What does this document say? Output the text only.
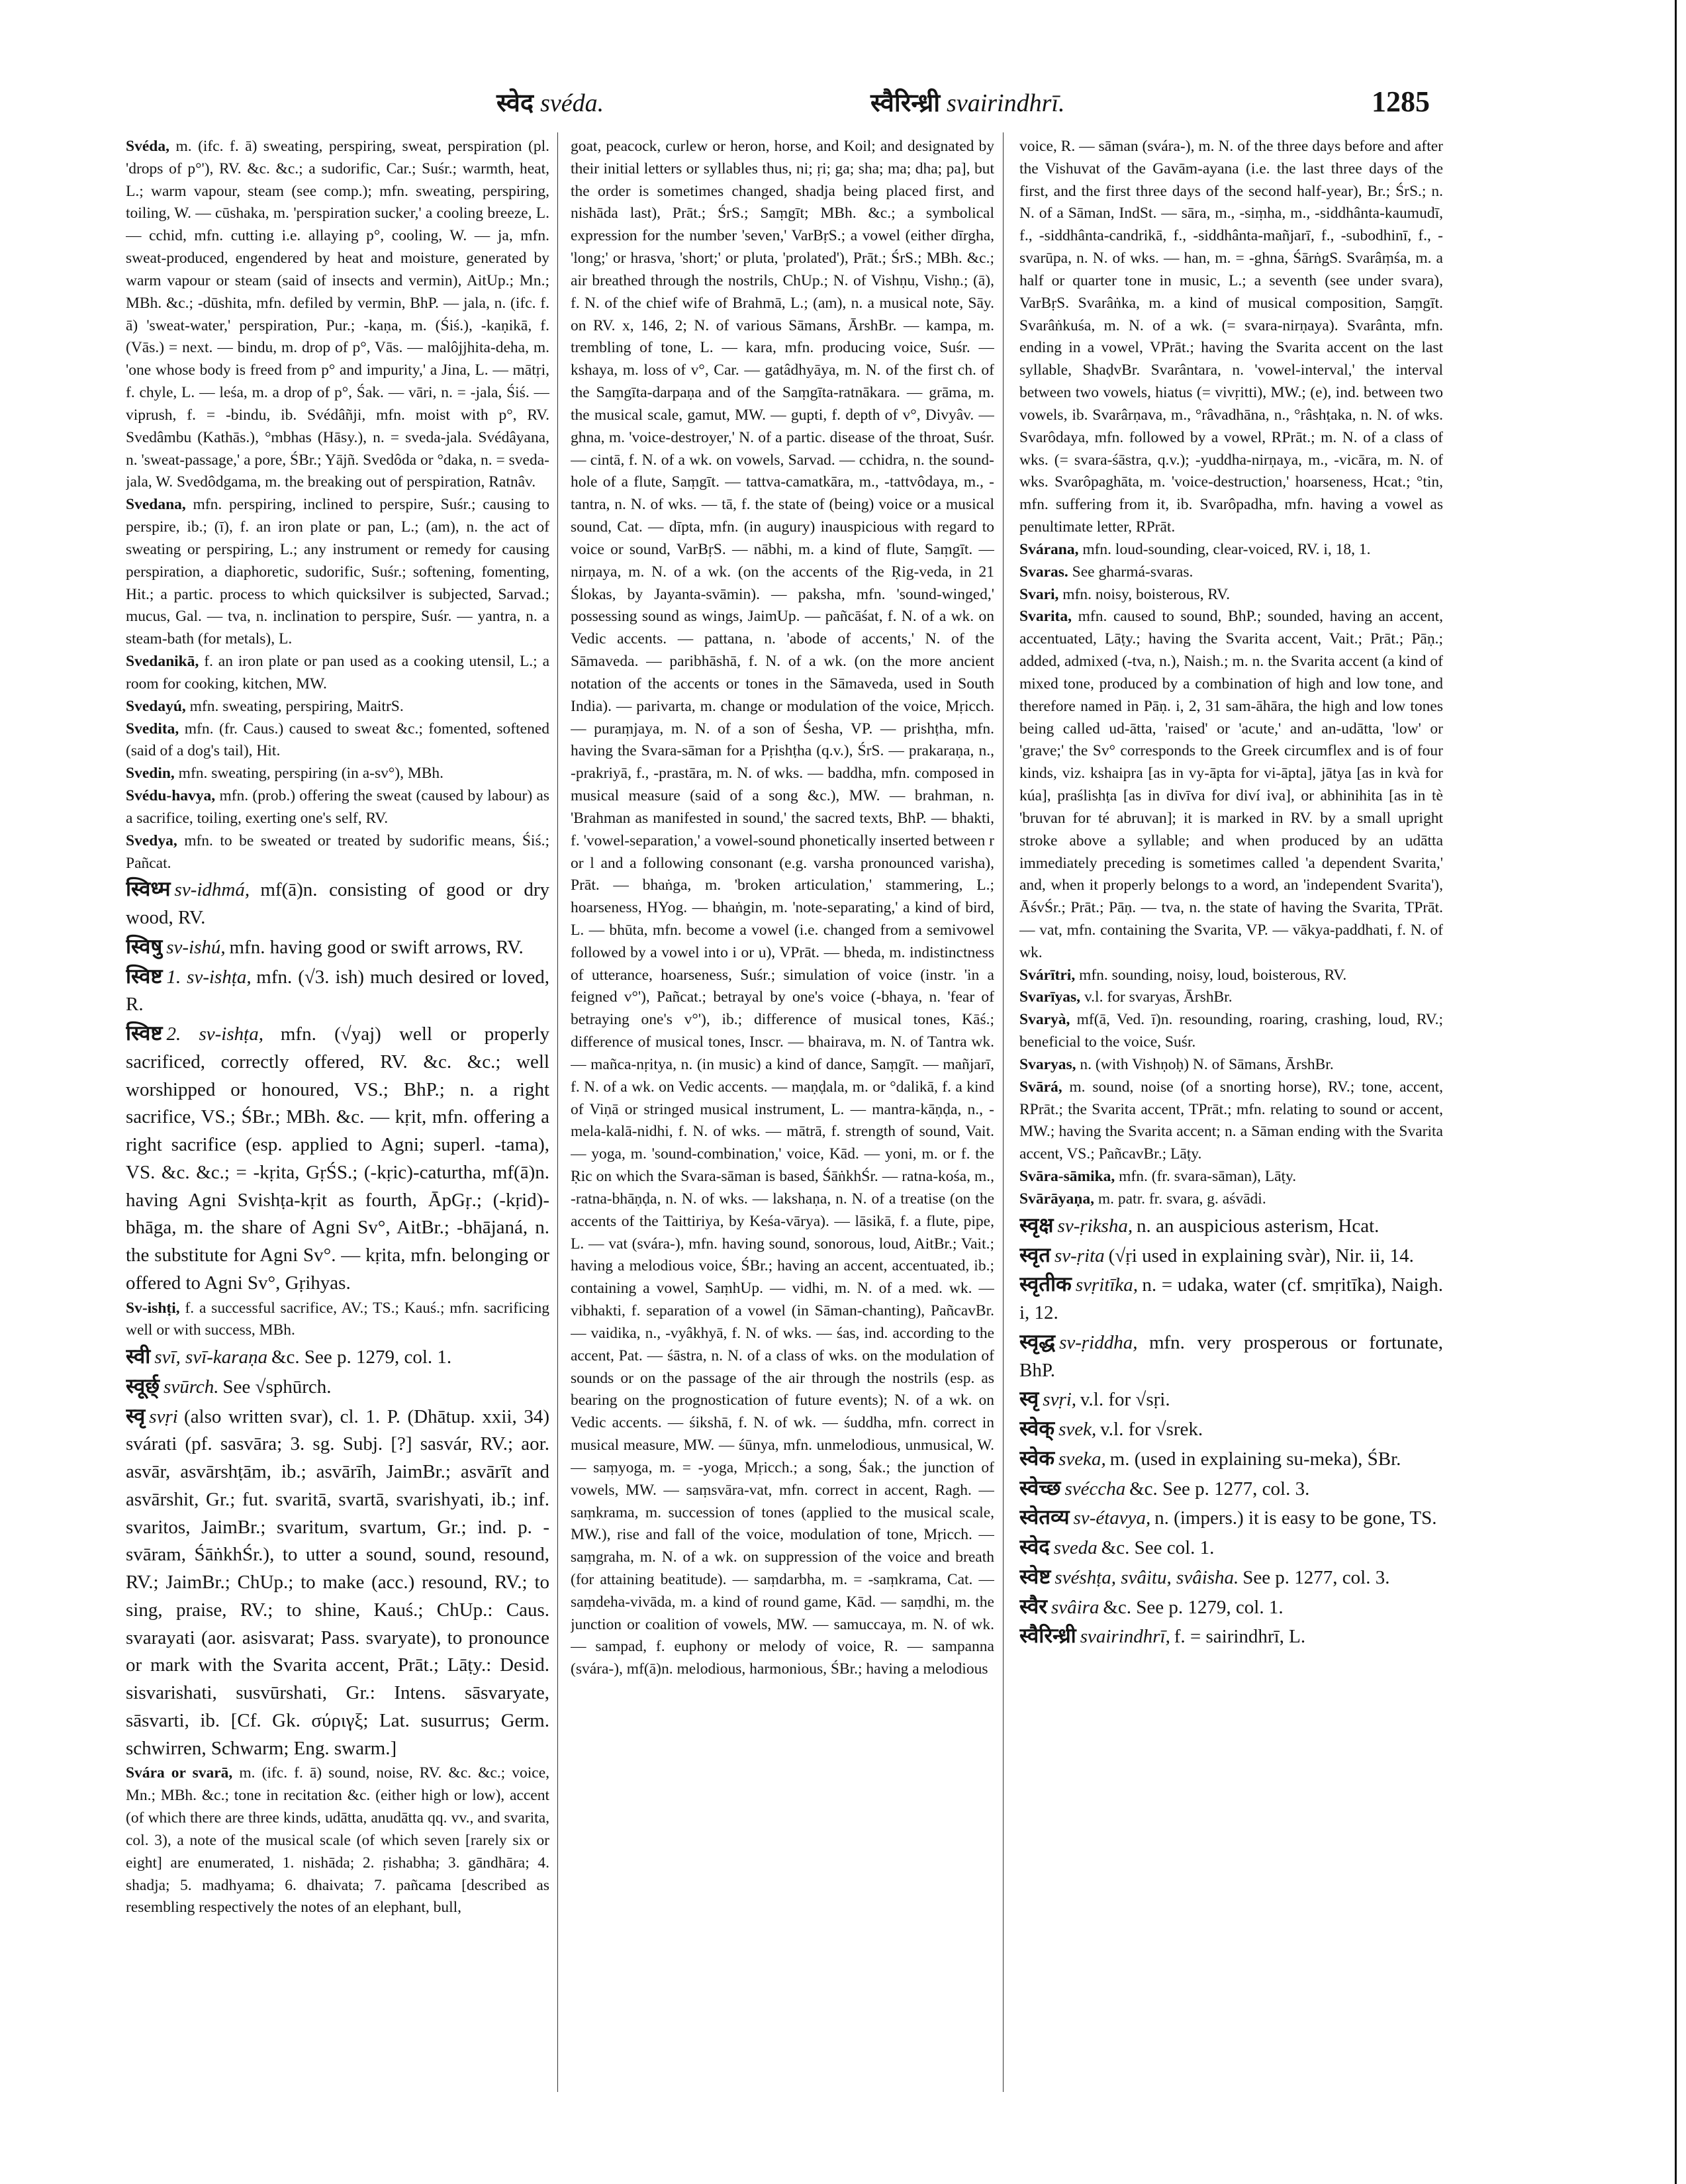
स्वेद svéda.	स्वैरिन्ध्री svairindhrī.	1285

Svéda, m. (ifc. f. ā) sweating, perspiring, sweat, perspiration (pl. 'drops of p°'), RV. &c. &c.; a sudorific, Car.; Suśr.; warmth, heat, L.; warm vapour, steam (see comp.); mfn. sweating, perspiring, toiling, W. — cūshaka, m. 'perspiration sucker,' a cooling breeze, L. — cchid, mfn. cutting i.e. allaying p°, cooling, W. — ja, mfn. sweat-produced, engendered by heat and moisture, generated by warm vapour or steam (said of insects and vermin), AitUp.; Mn.; MBh. &c.; -dūshita, mfn. defiled by vermin, BhP. — jala, n. (ifc. f. ā) 'sweat-water,' perspiration, Pur.; -kaṇa, m. (Śiś.), -kaṇikā, f. (Vās.) = next. — bindu, m. drop of p°, Vās. — malôjjhita-deha, m. 'one whose body is freed from p° and impurity,' a Jina, L. — mātṛi, f. chyle, L. — leśa, m. a drop of p°, Śak. — vāri, n. = -jala, Śiś. — viprush, f. = -bindu, ib. Svédâñji, mfn. moist with p°, RV. Svedâmbu (Kathās.), °mbhas (Hāsy.), n. = sveda-jala. Svédâyana, n. 'sweat-passage,' a pore, ŚBr.; Yājñ. Svedôda or °daka, n. = sveda-jala, W. Svedôdgama, m. the breaking out of perspiration, Ratnâv.

Svedana, mfn. perspiring, inclined to perspire, Suśr.; causing to perspire, ib.; (ī), f. an iron plate or pan, L.; (am), n. the act of sweating or perspiring, L.; any instrument or remedy for causing perspiration, a diaphoretic, sudorific, Suśr.; softening, fomenting, Hit.; a partic. process to which quicksilver is subjected, Sarvad.; mucus, Gal. — tva, n. inclination to perspire, Suśr. — yantra, n. a steam-bath (for metals), L.

Svedanikā, f. an iron plate or pan used as a cooking utensil, L.; a room for cooking, kitchen, MW.

Svedayú, mfn. sweating, perspiring, MaitrS.

Svedita, mfn. (fr. Caus.) caused to sweat &c.; fomented, softened (said of a dog's tail), Hit.

Svedin, mfn. sweating, perspiring (in a-sv°), MBh.

Svédu-havya, mfn. (prob.) offering the sweat (caused by labour) as a sacrifice, toiling, exerting one's self, RV.

Svedya, mfn. to be sweated or treated by sudorific means, Śiś.; Pañcat.

स्विध्म sv-idhmá, mf(ā)n. consisting of good or dry wood, RV.

स्विषु sv-ishú, mfn. having good or swift arrows, RV.

स्विष्ट 1. sv-ishṭa, mfn. (√3. ish) much desired or loved, R.

स्विष्ट 2. sv-ishṭa, mfn. (√yaj) well or properly sacrificed, correctly offered, RV. &c. &c.; well worshipped or honoured, VS.; BhP.; n. a right sacrifice, VS.; ŚBr.; MBh. &c. — kṛit, mfn. offering a right sacrifice (esp. applied to Agni; superl. -tama), VS. &c. &c.; = -kṛita, GṛŚS.; (-kṛic)-caturtha, mf(ā)n. having Agni Svishṭa-kṛit as fourth, ĀpGṛ.; (-kṛid)-bhāga, m. the share of Agni Sv°, AitBr.; -bhājaná, n. the substitute for Agni Sv°. — kṛita, mfn. belonging or offered to Agni Sv°, Gṛihyas.

Sv-ishṭi, f. a successful sacrifice, AV.; TS.; Kauś.; mfn. sacrificing well or with success, MBh.

स्वी svī, svī-karaṇa &c. See p. 1279, col. 1.

स्वूर्छ् svūrch. See √sphūrch.

स्वृ svṛi (also written svar), cl. 1. P. (Dhātup. xxii, 34) svárati (pf. sasvāra; 3. sg. Subj. [?] sasvár, RV.; aor. asvār, asvārshṭām, ib.; asvārīh, JaimBr.; asvārīt and asvārshit, Gr.; fut. svaritā, svartā, svarishyati, ib.; inf. svaritos, JaimBr.; svaritum, svartum, Gr.; ind. p. -svāram, ŚāṅkhŚr.), to utter a sound, sound, resound, RV.; JaimBr.; ChUp.; to make (acc.) resound, RV.; to sing, praise, RV.; to shine, Kauś.; ChUp.: Caus. svarayati (aor. asisvarat; Pass. svaryate), to pronounce or mark with the Svarita accent, Prāt.; Lāṭy.: Desid. sisvarishati, susvūrshati, Gr.: Intens. sāsvaryate, sāsvarti, ib. [Cf. Gk. σύριγξ; Lat. susurrus; Germ. schwirren, Schwarm; Eng. swarm.]

Svára or svarā, m. (ifc. f. ā) sound, noise, RV. &c. &c.; voice, Mn.; MBh. &c.; tone in recitation &c. (either high or low), accent (of which there are three kinds, udātta, anudātta qq. vv., and svarita, col. 3), a note of the musical scale (of which seven [rarely six or eight] are enumerated, 1. nishāda; 2. ṛishabha; 3. gāndhāra; 4. shadja; 5. madhyama; 6. dhaivata; 7. pañcama [described as resembling respectively the notes of an elephant, bull,

goat, peacock, curlew or heron, horse, and Koil; and designated by their initial letters or syllables thus, ni; ṛi; ga; sha; ma; dha; pa], but the order is sometimes changed, shadja being placed first, and nishāda last), Prāt.; ŚrS.; Saṃgīt; MBh. &c.; a symbolical expression for the number 'seven,' VarBṛS.; a vowel (either dīrgha, 'long;' or hrasva, 'short;' or pluta, 'prolated'), Prāt.; ŚrS.; MBh. &c.; air breathed through the nostrils, ChUp.; N. of Vishṇu, Vishṇ.; (ā), f. N. of the chief wife of Brahmā, L.; (am), n. a musical note, Sāy. on RV. x, 146, 2; N. of various Sāmans, ĀrshBr. — kampa, m. trembling of tone, L. — kara, mfn. producing voice, Suśr. — kshaya, m. loss of v°, Car. — gatâdhyāya, m. N. of the first ch. of the Saṃgīta-darpaṇa and of the Saṃgīta-ratnākara. — grāma, m. the musical scale, gamut, MW. — gupti, f. depth of v°, Divyâv. — ghna, m. 'voice-destroyer,' N. of a partic. disease of the throat, Suśr. — cintā, f. N. of a wk. on vowels, Sarvad. — cchidra, n. the sound-hole of a flute, Saṃgīt. — tattva-camatkāra, m., -tattvôdaya, m., -tantra, n. N. of wks. — tā, f. the state of (being) voice or a musical sound, Cat. — dīpta, mfn. (in augury) inauspicious with regard to voice or sound, VarBṛS. — nābhi, m. a kind of flute, Saṃgīt. — nirṇaya, m. N. of a wk. (on the accents of the Ṛig-veda, in 21 Ślokas, by Jayanta-svāmin). — paksha, mfn. 'sound-winged,' possessing sound as wings, JaimUp. — pañcāśat, f. N. of a wk. on Vedic accents. — pattana, n. 'abode of accents,' N. of the Sāmaveda. — paribhāshā, f. N. of a wk. (on the more ancient notation of the accents or tones in the Sāmaveda, used in South India). — parivarta, m. change or modulation of the voice, Mṛicch. — puraṃjaya, m. N. of a son of Śesha, VP. — prishṭha, mfn. having the Svara-sāman for a Pṛishṭha (q.v.), ŚrS. — prakaraṇa, n., -prakriyā, f., -prastāra, m. N. of wks. — baddha, mfn. composed in musical measure (said of a song &c.), MW. — brahman, n. 'Brahman as manifested in sound,' the sacred texts, BhP. — bhakti, f. 'vowel-separation,' a vowel-sound phonetically inserted between r or l and a following consonant (e.g. varsha pronounced varisha), Prāt. — bhaṅga, m. 'broken articulation,' stammering, L.; hoarseness, HYog. — bhaṅgin, m. 'note-separating,' a kind of bird, L. — bhūta, mfn. become a vowel (i.e. changed from a semivowel followed by a vowel into i or u), VPrāt. — bheda, m. indistinctness of utterance, hoarseness, Suśr.; simulation of voice (instr. 'in a feigned v°'), Pañcat.; betrayal by one's voice (-bhaya, n. 'fear of betraying one's v°'), ib.; difference of musical tones, Kāś.; difference of musical tones, Inscr. — bhairava, m. N. of Tantra wk. — mañca-nṛitya, n. (in music) a kind of dance, Saṃgīt. — mañjarī, f. N. of a wk. on Vedic accents. — maṇḍala, m. or °dalikā, f. a kind of Viṇā or stringed musical instrument, L. — mantra-kāṇḍa, n., -mela-kalā-nidhi, f. N. of wks. — mātrā, f. strength of sound, Vait. — yoga, m. 'sound-combination,' voice, Kād. — yoni, m. or f. the Ṛic on which the Svara-sāman is based, ŚāṅkhŚr. — ratna-kośa, m., -ratna-bhāṇḍa, n. N. of wks. — lakshaṇa, n. N. of a treatise (on the accents of the Taittiriya, by Keśa-vārya). — lāsikā, f. a flute, pipe, L. — vat (svára-), mfn. having sound, sonorous, loud, AitBr.; Vait.; having a melodious voice, ŚBr.; having an accent, accentuated, ib.; containing a vowel, SaṃhUp. — vidhi, m. N. of a med. wk. — vibhakti, f. separation of a vowel (in Sāman-chanting), PañcavBr. — vaidika, n., -vyâkhyā, f. N. of wks. — śas, ind. according to the accent, Pat. — śāstra, n. N. of a class of wks. on the modulation of sounds or on the passage of the air through the nostrils (esp. as bearing on the prognostication of future events); N. of a wk. on Vedic accents. — śikshā, f. N. of wk. — śuddha, mfn. correct in musical measure, MW. — śūnya, mfn. unmelodious, unmusical, W. — saṃyoga, m. = -yoga, Mṛicch.; a song, Śak.; the junction of vowels, MW. — saṃsvāra-vat, mfn. correct in accent, Ragh. — saṃkrama, m. succession of tones (applied to the musical scale, MW.), rise and fall of the voice, modulation of tone, Mṛicch. — saṃgraha, m. N. of a wk. on suppression of the voice and breath (for attaining beatitude). — saṃdarbha, m. = -saṃkrama, Cat. — saṃdeha-vivāda, m. a kind of round game, Kād. — saṃdhi, m. the junction or coalition of vowels, MW. — samuccaya, m. N. of wk. — sampad, f. euphony or melody of voice, R. — sampanna (svára-), mf(ā)n. melodious, harmonious, ŚBr.; having a melodious

voice, R. — sāman (svára-), m. N. of the three days before and after the Vishuvat of the Gavām-ayana (i.e. the last three days of the first, and the first three days of the second half-year), Br.; ŚrS.; n. N. of a Sāman, IndSt. — sāra, m., -siṃha, m., -siddhânta-kaumudī, f., -siddhânta-candrikā, f., -siddhânta-mañjarī, f., -subodhinī, f., -svarūpa, n. N. of wks. — han, m. = -ghna, ŚārṅgS. Svarâṃśa, m. a half or quarter tone in music, L.; a seventh (see under svara), VarBṛS. Svarâṅka, m. a kind of musical composition, Saṃgīt. Svarâṅkuśa, m. N. of a wk. (= svara-nirṇaya). Svarânta, mfn. ending in a vowel, VPrāt.; having the Svarita accent on the last syllable, ShaḍvBr. Svarântara, n. 'vowel-interval,' the interval between two vowels, hiatus (= vivṛitti), MW.; (e), ind. between two vowels, ib. Svarârṇava, m., °râvadhāna, n., °râshṭaka, n. N. of wks. Svarôdaya, mfn. followed by a vowel, RPrāt.; m. N. of a class of wks. (= svara-śāstra, q.v.); -yuddha-nirṇaya, m., -vicāra, m. N. of wks. Svarôpaghāta, m. 'voice-destruction,' hoarseness, Hcat.; °tin, mfn. suffering from it, ib. Svarôpadha, mfn. having a vowel as penultimate letter, RPrāt.

Svárana, mfn. loud-sounding, clear-voiced, RV. i, 18, 1.

Svaras. See gharmá-svaras.

Svari, mfn. noisy, boisterous, RV.

Svarita, mfn. caused to sound, BhP.; sounded, having an accent, accentuated, Lāṭy.; having the Svarita accent, Vait.; Prāt.; Pāṇ.; added, admixed (-tva, n.), Naish.; m. n. the Svarita accent (a kind of mixed tone, produced by a combination of high and low tone, and therefore named in Pāṇ. i, 2, 31 sam-āhāra, the high and low tones being called ud-ātta, 'raised' or 'acute,' and an-udātta, 'low' or 'grave;' the Sv° corresponds to the Greek circumflex and is of four kinds, viz. kshaipra [as in vy-āpta for vi-āpta], jātya [as in kvà for kúa], praślishṭa [as in divīva for diví iva], or abhinihita [as in tè 'bruvan for té abruvan]; it is marked in RV. by a small upright stroke above a syllable; and when produced by an udātta immediately preceding is sometimes called 'a dependent Svarita,' and, when it properly belongs to a word, an 'independent Svarita'), ĀśvŚr.; Prāt.; Pāṇ. — tva, n. the state of having the Svarita, TPrāt. — vat, mfn. containing the Svarita, VP. — vākya-paddhati, f. N. of wk.

Svárītri, mfn. sounding, noisy, loud, boisterous, RV.

Svarīyas, v.l. for svaryas, ĀrshBr.

Svaryà, mf(ā, Ved. ī)n. resounding, roaring, crashing, loud, RV.; beneficial to the voice, Suśr.

Svaryas, n. (with Vishṇoḥ) N. of Sāmans, ĀrshBr.

Svārá, m. sound, noise (of a snorting horse), RV.; tone, accent, RPrāt.; the Svarita accent, TPrāt.; mfn. relating to sound or accent, MW.; having the Svarita accent; n. a Sāman ending with the Svarita accent, VS.; PañcavBr.; Lāṭy.

Svāra-sāmika, mfn. (fr. svara-sāman), Lāṭy.

Svārāyaṇa, m. patr. fr. svara, g. aśvādi.

स्वृक्ष sv-ṛiksha, n. an auspicious asterism, Hcat.

स्वृत sv-ṛita (√ṛi used in explaining svàr), Nir. ii, 14.

स्वृतीक svṛitīka, n. = udaka, water (cf. smṛitīka), Naigh. i, 12.

स्वृद्ध sv-ṛiddha, mfn. very prosperous or fortunate, BhP.

स्वृ svṛi, v.l. for √sṛi.

स्वेक् svek, v.l. for √srek.

स्वेक sveka, m. (used in explaining su-meka), ŚBr.

स्वेच्छ svéccha &c. See p. 1277, col. 3.

स्वेतव्य sv-étavya, n. (impers.) it is easy to be gone, TS.

स्वेद sveda &c. See col. 1.

स्वेष्ट svéshṭa, svâitu, svâisha. See p. 1277, col. 3.

स्वैर svâira &c. See p. 1279, col. 1.

स्वैरिन्ध्री svairindhrī, f. = sairindhrī, L.
